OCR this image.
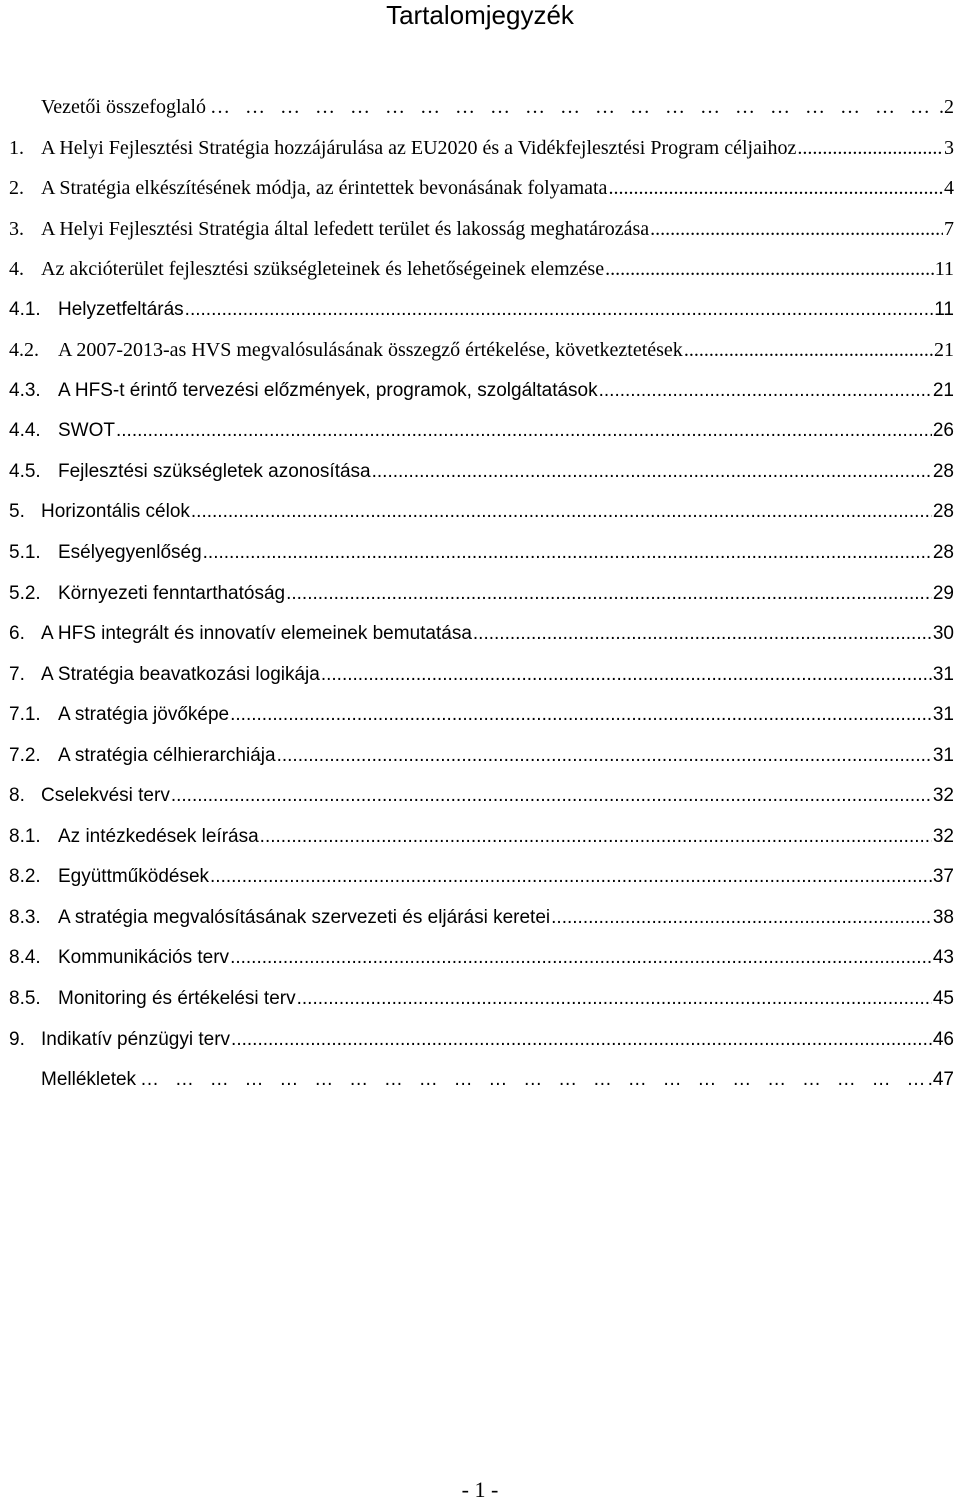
Tartalomjegyzék
Vezetői összefoglaló …   …   …   …   …   …   …   …   …   …   …   …   …   …   …   …   …   …   …   …   …   …   …   …   …	.2
1. A Helyi Fejlesztési Stratégia hozzájárulása az EU2020 és a Vidékfejlesztési Program céljaihoz .....	3
2. A Stratégia elkészítésének módja, az érintettek bevonásának folyamata .....	4
3. A Helyi Fejlesztési Stratégia által lefedett terület és lakosság meghatározása .....	7
4. Az akcióterület fejlesztési szükségleteinek és lehetőségeinek elemzése .....	11
4.1. Helyzetfeltárás .....	11
4.2. A 2007-2013-as HVS megvalósulásának összegző értékelése, következtetések .....	21
4.3. A HFS-t érintő tervezési előzmények, programok, szolgáltatások .....	21
4.4. SWOT .....	26
4.5. Fejlesztési szükségletek azonosítása .....	28
5. Horizontális célok .....	28
5.1. Esélyegyenlőség .....	28
5.2. Környezeti fenntarthatóság .....	29
6. A HFS integrált és innovatív elemeinek bemutatása .....	30
7. A Stratégia beavatkozási logikája .....	31
7.1. A stratégia jövőképe .....	31
7.2. A stratégia célhierarchiája .....	31
8. Cselekvési terv .....	32
8.1. Az intézkedések leírása .....	32
8.2. Együttműködések .....	37
8.3. A stratégia megvalósításának szervezeti és eljárási keretei .....	38
8.4. Kommunikációs terv .....	43
8.5. Monitoring és értékelési terv .....	45
9. Indikatív pénzügyi terv .....	46
Mellékletek …   …   …   …   …   …   …   …   …   …   …   …   …   …   …   …   …   …   …   …   …   …   …   …   …	.47
- 1 -
